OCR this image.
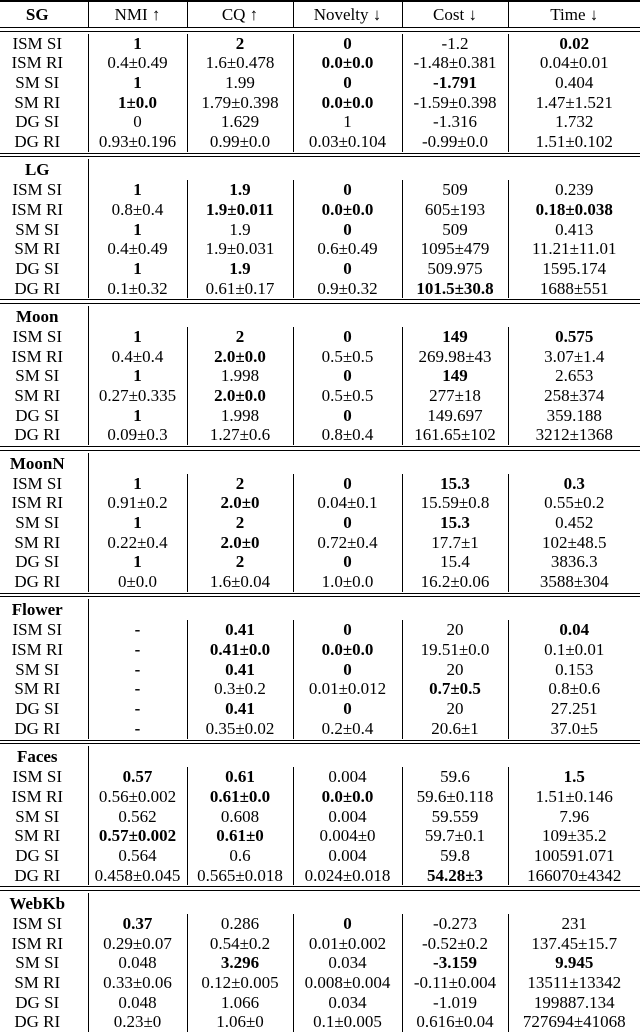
SG	NMI ↑	CQ ↑	Novelty ↓	Cost ↓	Time ↓
ISM SI	1	2	0	-1.2	0.02
ISM RI	0.4±0.49	1.6±0.478	0.0±0.0	-1.48±0.381	0.04±0.01
SM SI	1	1.99	0	-1.791	0.404
SM RI	1±0.0	1.79±0.398	0.0±0.0	-1.59±0.398	1.47±1.521
DG SI	0	1.629	1	-1.316	1.732
DG RI	0.93±0.196	0.99±0.0	0.03±0.104	-0.99±0.0	1.51±0.102
LG					
ISM SI	1	1.9	0	509	0.239
ISM RI	0.8±0.4	1.9±0.011	0.0±0.0	605±193	0.18±0.038
SM SI	1	1.9	0	509	0.413
SM RI	0.4±0.49	1.9±0.031	0.6±0.49	1095±479	11.21±11.01
DG SI	1	1.9	0	509.975	1595.174
DG RI	0.1±0.32	0.61±0.17	0.9±0.32	101.5±30.8	1688±551
Moon					
ISM SI	1	2	0	149	0.575
ISM RI	0.4±0.4	2.0±0.0	0.5±0.5	269.98±43	3.07±1.4
SM SI	1	1.998	0	149	2.653
SM RI	0.27±0.335	2.0±0.0	0.5±0.5	277±18	258±374
DG SI	1	1.998	0	149.697	359.188
DG RI	0.09±0.3	1.27±0.6	0.8±0.4	161.65±102	3212±1368
MoonN					
ISM SI	1	2	0	15.3	0.3
ISM RI	0.91±0.2	2.0±0	0.04±0.1	15.59±0.8	0.55±0.2
SM SI	1	2	0	15.3	0.452
SM RI	0.22±0.4	2.0±0	0.72±0.4	17.7±1	102±48.5
DG SI	1	2	0	15.4	3836.3
DG RI	0±0.0	1.6±0.04	1.0±0.0	16.2±0.06	3588±304
Flower					
ISM SI	-	0.41	0	20	0.04
ISM RI	-	0.41±0.0	0.0±0.0	19.51±0.0	0.1±0.01
SM SI	-	0.41	0	20	0.153
SM RI	-	0.3±0.2	0.01±0.012	0.7±0.5	0.8±0.6
DG SI	-	0.41	0	20	27.251
DG RI	-	0.35±0.02	0.2±0.4	20.6±1	37.0±5
Faces					
ISM SI	0.57	0.61	0.004	59.6	1.5
ISM RI	0.56±0.002	0.61±0.0	0.0±0.0	59.6±0.118	1.51±0.146
SM SI	0.562	0.608	0.004	59.559	7.96
SM RI	0.57±0.002	0.61±0	0.004±0	59.7±0.1	109±35.2
DG SI	0.564	0.6	0.004	59.8	100591.071
DG RI	0.458±0.045	0.565±0.018	0.024±0.018	54.28±3	166070±4342
WebKb					
ISM SI	0.37	0.286	0	-0.273	231
ISM RI	0.29±0.07	0.54±0.2	0.01±0.002	-0.52±0.2	137.45±15.7
SM SI	0.048	3.296	0.034	-3.159	9.945
SM RI	0.33±0.06	0.12±0.005	0.008±0.004	-0.11±0.004	13511±13342
DG SI	0.048	1.066	0.034	-1.019	199887.134
DG RI	0.23±0	1.06±0	0.1±0.005	0.616±0.04	727694±41068
